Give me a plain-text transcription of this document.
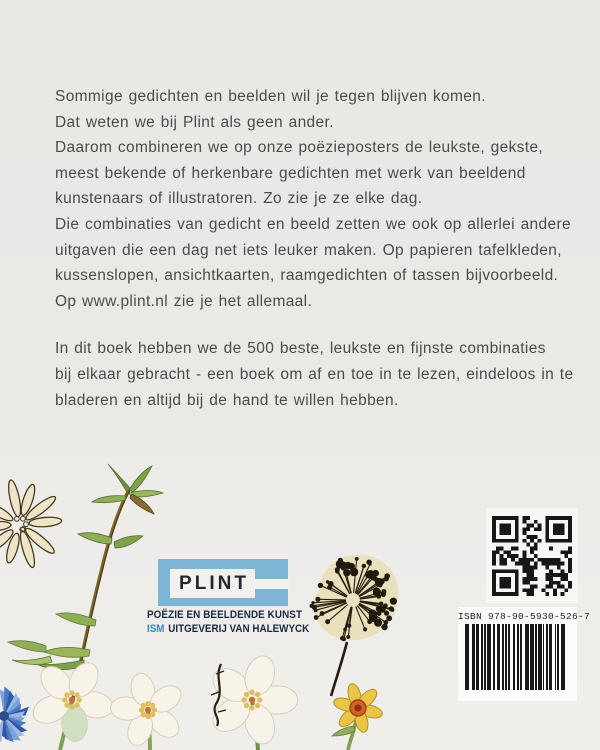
Sommige gedichten en beelden wil je tegen blijven komen.
Dat weten we bij Plint als geen ander.
Daarom combineren we op onze poëzieposters de leukste, gekste,
meest bekende of herkenbare gedichten met werk van beeldend
kunstenaars of illustratoren. Zo zie je ze elke dag.
Die combinaties van gedicht en beeld zetten we ook op allerlei andere
uitgaven die een dag net iets leuker maken. Op papieren tafelkleden,
kussenslopen, ansichtkaarten, raamgedichten of tassen bijvoorbeeld.
Op www.plint.nl zie je het allemaal.

In dit boek hebben we de 500 beste, leukste en fijnste combinaties
bij elkaar gebracht - een boek om af en toe in te lezen, eindeloos in te
bladeren en altijd bij de hand te willen hebben.

PLINT
POËZIE EN BEELDENDE KUNST
ISM UITGEVERIJ VAN HALEWYCK
ISBN 978-90-5930-526-7
